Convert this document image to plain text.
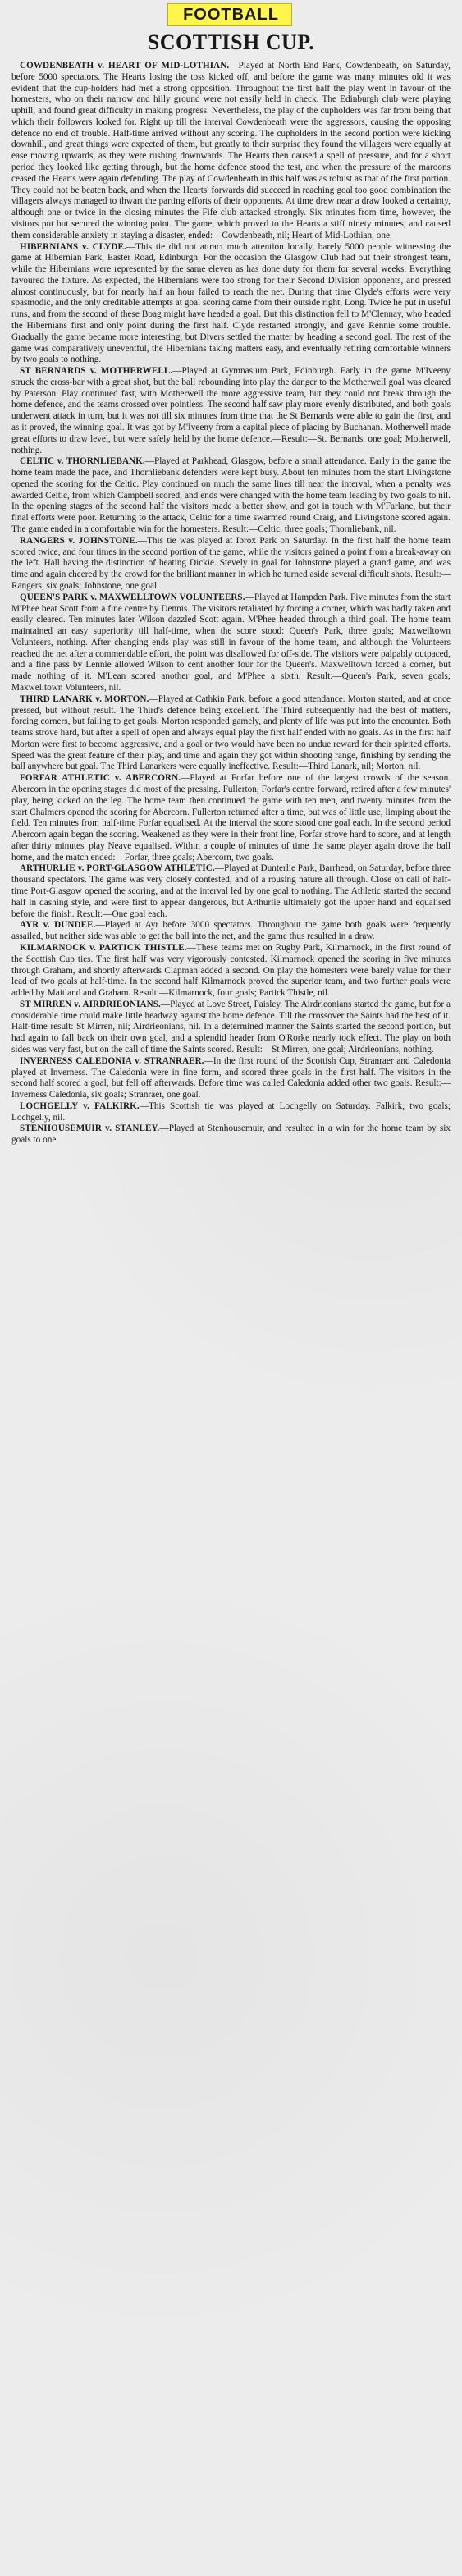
FOOTBALL
SCOTTISH CUP.

COWDENBEATH v. HEART OF MID-LOTHIAN.—Played at North End Park, Cowdenbeath, on Saturday, before 5000 spectators. The Hearts losing the toss kicked off, and before the game was many minutes old it was evident that the cup-holders had met a strong opposition. Throughout the first half the play went in favour of the homesters, who on their narrow and hilly ground were not easily held in check. The Edinburgh club were playing uphill, and found great difficulty in making progress. Nevertheless, the play of the cupholders was far from being that which their followers looked for. Right up till the interval Cowdenbeath were the aggressors, causing the opposing defence no end of trouble. Half-time arrived without any scoring. The cupholders in the second portion were kicking downhill, and great things were expected of them, but greatly to their surprise they found the villagers were equally at ease moving upwards, as they were rushing downwards. The Hearts then caused a spell of pressure, and for a short period they looked like getting through, but the home defence stood the test, and when the pressure of the maroons ceased the Hearts were again defending. The play of Cowdenbeath in this half was as robust as that of the first portion. They could not be beaten back, and when the Hearts' forwards did succeed in reaching goal too good combination the villagers always managed to thwart the parting efforts of their opponents. At time drew near a draw looked a certainty, although one or twice in the closing minutes the Fife club attacked strongly. Six minutes from time, however, the visitors put but secured the winning point. The game, which proved to the Hearts a stiff ninety minutes, and caused them considerable anxiety in staying a disaster, ended:—Cowdenbeath, nil; Heart of Mid-Lothian, one.

HIBERNIANS v. CLYDE.—This tie did not attract much attention locally, barely 5000 people witnessing the game at Hibernian Park, Easter Road, Edinburgh. For the occasion the Glasgow Club had out their strongest team, while the Hibernians were represented by the same eleven as has done duty for them for several weeks. Everything favoured the fixture. As expected, the Hibernians were too strong for their Second Division opponents, and pressed almost continuously, but for nearly half an hour failed to reach the net. During that time Clyde's efforts were very spasmodic, and the only creditable attempts at goal scoring came from their outside right, Long. Twice he put in useful runs, and from the second of these Boag might have headed a goal. But this distinction fell to M'Clennay, who headed the Hibernians first and only point during the first half. Clyde restarted strongly, and gave Rennie some trouble. Gradually the game became more interesting, but Divers settled the matter by heading a second goal. The rest of the game was comparatively uneventful, the Hibernians taking matters easy, and eventually retiring comfortable winners by two goals to nothing.

ST BERNARDS v. MOTHERWELL.—Played at Gymnasium Park, Edinburgh. Early in the game M'Iveeny struck the cross-bar with a great shot, but the ball rebounding into play the danger to the Motherwell goal was cleared by Paterson. Play continued fast, with Motherwell the more aggressive team, but they could not break through the home defence, and the teams crossed over pointless. The second half saw play more evenly distributed, and both goals underwent attack in turn, but it was not till six minutes from time that the St Bernards were able to gain the first, and as it proved, the winning goal. It was got by M'Iveeny from a capital piece of placing by Buchanan. Motherwell made great efforts to draw level, but were safely held by the home defence.—Result:—St. Bernards, one goal; Motherwell, nothing.

CELTIC v. THORNLIEBANK.—Played at Parkhead, Glasgow, before a small attendance. Early in the game the home team made the pace, and Thornliebank defenders were kept busy. About ten minutes from the start Livingstone opened the scoring for the Celtic. Play continued on much the same lines till near the interval, when a penalty was awarded Celtic, from which Campbell scored, and ends were changed with the home team leading by two goals to nil. In the opening stages of the second half the visitors made a better show, and got in touch with M'Farlane, but their final efforts were poor. Returning to the attack, Celtic for a time swarmed round Craig, and Livingstone scored again. The game ended in a comfortable win for the homesters. Result:—Celtic, three goals; Thornliebank, nil.

RANGERS v. JOHNSTONE.—This tie was played at Ibrox Park on Saturday. In the first half the home team scored twice, and four times in the second portion of the game, while the visitors gained a point from a break-away on the left. Hall having the distinction of beating Dickie. Stevely in goal for Johnstone played a grand game, and was time and again cheered by the crowd for the brilliant manner in which he turned aside several difficult shots. Result:—Rangers, six goals; Johnstone, one goal.

QUEEN'S PARK v. MAXWELLTOWN VOLUNTEERS.—Played at Hampden Park. Five minutes from the start M'Phee beat Scott from a fine centre by Dennis. The visitors retaliated by forcing a corner, which was badly taken and easily cleared. Ten minutes later Wilson dazzled Scott again. M'Phee headed through a third goal. The home team maintained an easy superiority till half-time, when the score stood: Queen's Park, three goals; Maxwelltown Volunteers, nothing. After changing ends play was still in favour of the home team, and although the Volunteers reached the net after a commendable effort, the point was disallowed for off-side. The visitors were palpably outpaced, and a fine pass by Lennie allowed Wilson to cent another four for the Queen's. Maxwelltown forced a corner, but made nothing of it. M'Lean scored another goal, and M'Phee a sixth. Result:—Queen's Park, seven goals; Maxwelltown Volunteers, nil.

THIRD LANARK v. MORTON.—Played at Cathkin Park, before a good attendance. Morton started, and at once pressed, but without result. The Third's defence being excellent. The Third subsequently had the best of matters, forcing corners, but failing to get goals. Morton responded gamely, and plenty of life was put into the encounter. Both teams strove hard, but after a spell of open and always equal play the first half ended with no goals. As in the first half Morton were first to become aggressive, and a goal or two would have been no undue reward for their spirited efforts. Speed was the great feature of their play, and time and again they got within shooting range, finishing by sending the ball anywhere but goal. The Third Lanarkers were equally ineffective. Result:—Third Lanark, nil; Morton, nil.

FORFAR ATHLETIC v. ABERCORN.—Played at Forfar before one of the largest crowds of the season. Abercorn in the opening stages did most of the pressing. Fullerton, Forfar's centre forward, retired after a few minutes' play, being kicked on the leg. The home team then continued the game with ten men, and twenty minutes from the start Chalmers opened the scoring for Abercorn. Fullerton returned after a time, but was of little use, limping about the field. Ten minutes from half-time Forfar equalised. At the interval the score stood one goal each. In the second period Abercorn again began the scoring. Weakened as they were in their front line, Forfar strove hard to score, and at length after thirty minutes' play Neave equalised. Within a couple of minutes of time the same player again drove the ball home, and the match ended:—Forfar, three goals; Abercorn, two goals.

ARTHURLIE v. PORT-GLASGOW ATHLETIC.—Played at Dunterlie Park, Barrhead, on Saturday, before three thousand spectators. The game was very closely contested, and of a rousing nature all through. Close on call of half-time Port-Glasgow opened the scoring, and at the interval led by one goal to nothing. The Athletic started the second half in dashing style, and were first to appear dangerous, but Arthurlie ultimately got the upper hand and equalised before the finish. Result:—One goal each.

AYR v. DUNDEE.—Played at Ayr before 3000 spectators. Throughout the game both goals were frequently assailed, but neither side was able to get the ball into the net, and the game thus resulted in a draw.

KILMARNOCK v. PARTICK THISTLE.—These teams met on Rugby Park, Kilmarnock, in the first round of the Scottish Cup ties. The first half was very vigorously contested. Kilmarnock opened the scoring in five minutes through Graham, and shortly afterwards Clapman added a second. On play the homesters were barely value for their lead of two goals at half-time. In the second half Kilmarnock proved the superior team, and two further goals were added by Maitland and Graham. Result:—Kilmarnock, four goals; Partick Thistle, nil.

ST MIRREN v. AIRDRIEONIANS.—Played at Love Street, Paisley. The Airdrieonians started the game, but for a considerable time could make little headway against the home defence. Till the crossover the Saints had the best of it. Half-time result: St Mirren, nil; Airdrieonians, nil. In a determined manner the Saints started the second portion, but had again to fall back on their own goal, and a splendid header from O'Rorke nearly took effect. The play on both sides was very fast, but on the call of time the Saints scored. Result:—St Mirren, one goal; Airdrieonians, nothing.

INVERNESS CALEDONIA v. STRANRAER.—In the first round of the Scottish Cup, Stranraer and Caledonia played at Inverness. The Caledonia were in fine form, and scored three goals in the first half. The visitors in the second half scored a goal, but fell off afterwards. Before time was called Caledonia added other two goals. Result:—Inverness Caledonia, six goals; Stranraer, one goal.

LOCHGELLY v. FALKIRK.—This Scottish tie was played at Lochgelly on Saturday. Falkirk, two goals; Lochgelly, nil.

STENHOUSEMUIR v. STANLEY.—Played at Stenhousemuir, and resulted in a win for the home team by six goals to one.
